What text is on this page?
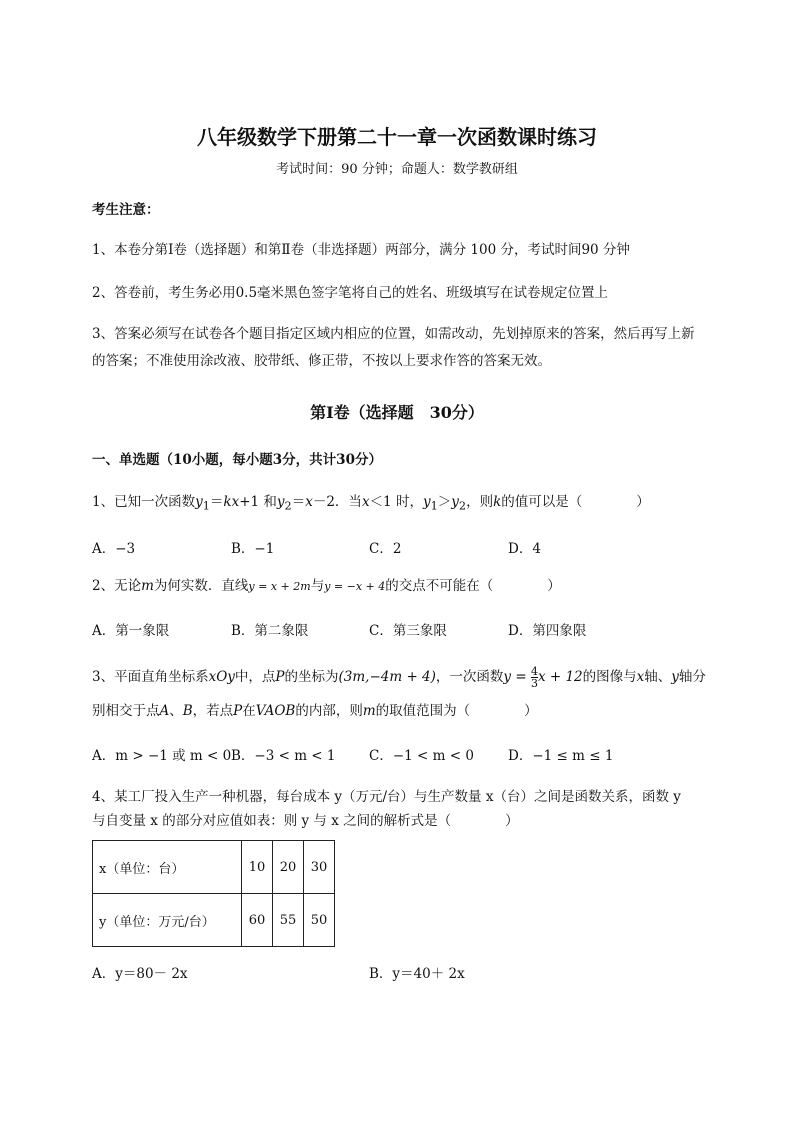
八年级数学下册第二十一章一次函数课时练习
考试时间：90 分钟；命题人：数学教研组
考生注意：
1、本卷分第Ⅰ卷（选择题）和第Ⅱ卷（非选择题）两部分，满分 100 分，考试时间90 分钟
2、答卷前，考生务必用0.5毫米黑色签字笔将自己的姓名、班级填写在试卷规定位置上
3、答案必须写在试卷各个题目指定区域内相应的位置，如需改动，先划掉原来的答案，然后再写上新
的答案；不准使用涂改液、胶带纸、修正带，不按以上要求作答的答案无效。
第Ⅰ卷（选择题　30分）
一、单选题（10小题，每小题3分，共计30分）
1、已知一次函数$y_1=kx+1$ 和$y_2=x-2$．当x＜1 时，$y_1>y_2$，则k的值可以是（　　　　）
A．−3	B．−1	C．2	D．4
2、无论m为何实数．直线y = x + 2m与y = −x + 4的交点不可能在（　　　　）
A．第一象限	B．第二象限	C．第三象限	D．第四象限
3、平面直角坐标系xOy中，点P的坐标为(3m,−4m + 4)，一次函数$y = \frac{4}{3}$ x + 12的图像与x轴、y轴分
别相交于点A、B，若点P在VAOB的内部，则m的取值范围为（　　　　）
A．m > −1 或 m < 0 B．−3 < m < 1 C．−1 < m < 0	D．−1 ≤ m ≤ 1
4、某工厂投入生产一种机器，每台成本 y（万元/台）与生产数量 x（台）之间是函数关系，函数 y
与自变量 x 的部分对应值如表：则 y 与 x 之间的解析式是（　　　　）
x（单位：台）	10	20	30
y（单位：万元/台）	60	55	50
A．y＝80－ 2x	B．y＝40＋ 2x
